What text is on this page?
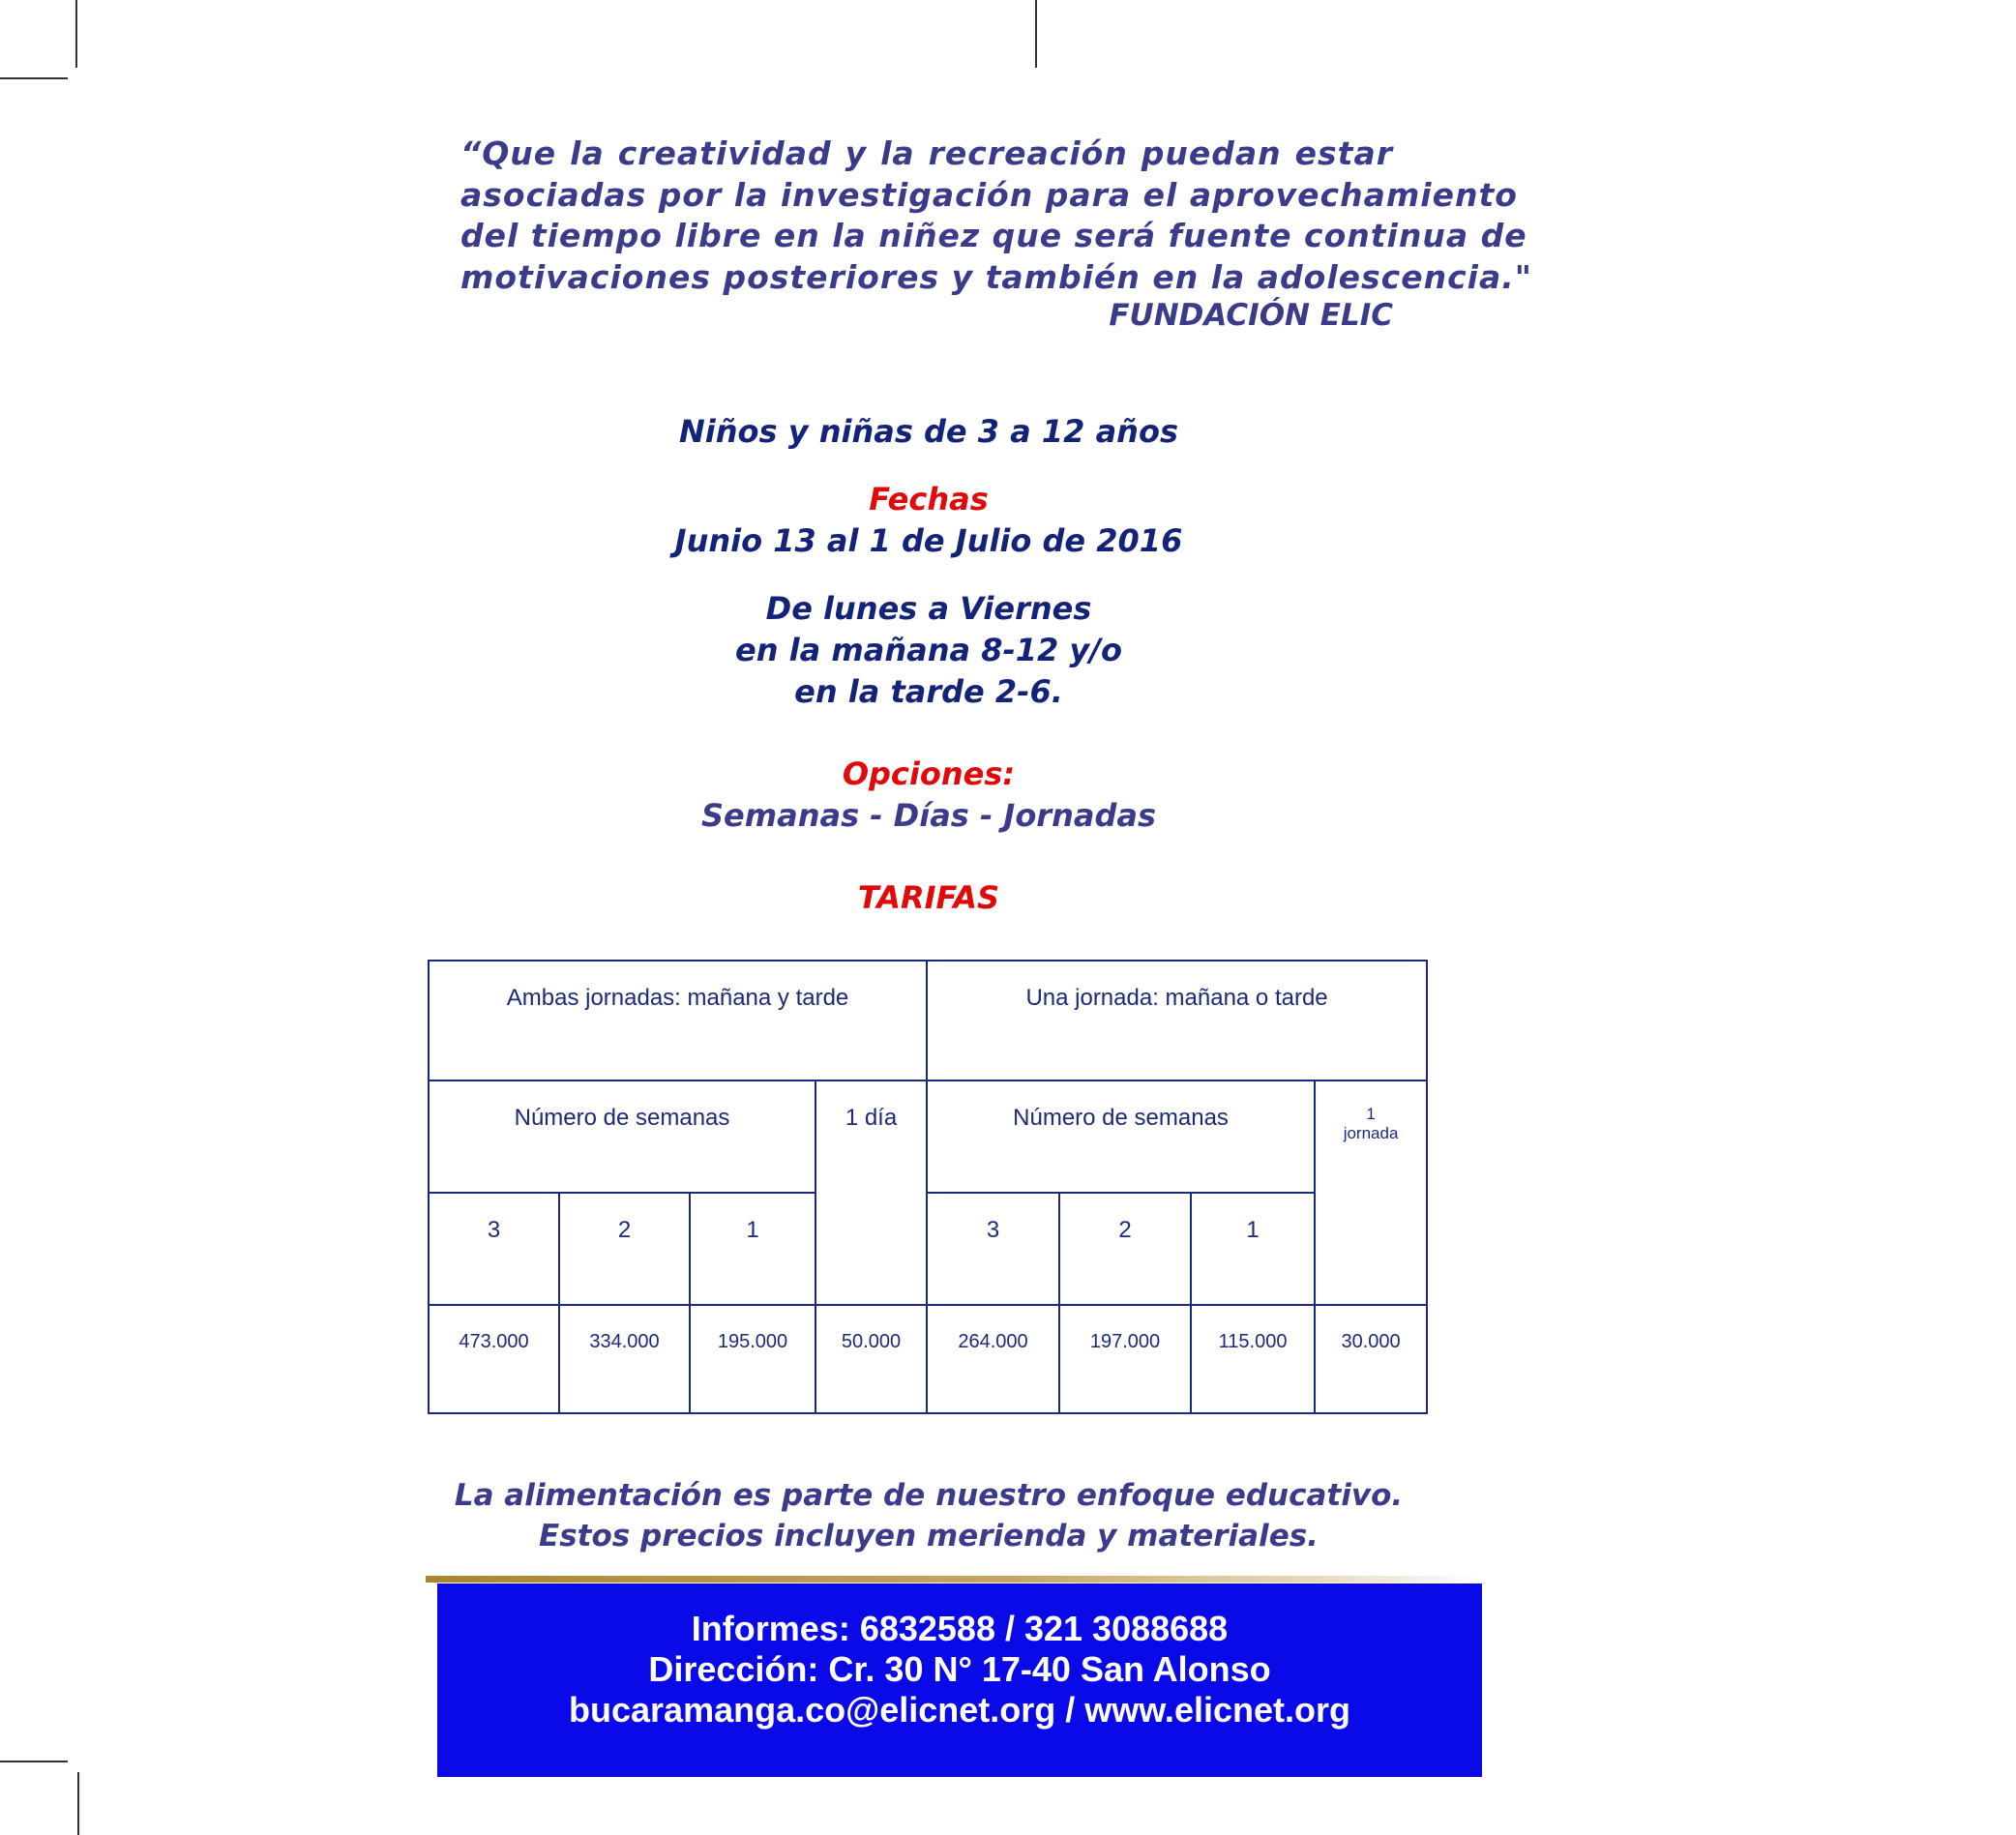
“Que la creatividad y la recreación puedan estar
asociadas por la investigación para el aprovechamiento
del tiempo libre en la niñez que será fuente continua de
motivaciones posteriores y también en la adolescencia."
FUNDACIÓN ELIC
Niños y niñas de 3 a 12 años
Fechas
Junio 13 al 1 de Julio de 2016
De lunes a Viernes
en la mañana 8-12 y/o
en la tarde 2-6.
Opciones:
Semanas - Días - Jornadas
TARIFAS
Ambas jornadas: mañana y tarde				Una jornada: mañana o tarde			
Número de semanas			1 día	Número de semanas			1
jornada
3	2	1		3	2	1	
473.000	334.000	195.000	50.000	264.000	197.000	115.000	30.000
La alimentación es parte de nuestro enfoque educativo.
Estos precios incluyen merienda y materiales.
Informes: 6832588 / 321 3088688
Dirección: Cr. 30 N° 17-40 San Alonso
bucaramanga.co@elicnet.org / www.elicnet.org
